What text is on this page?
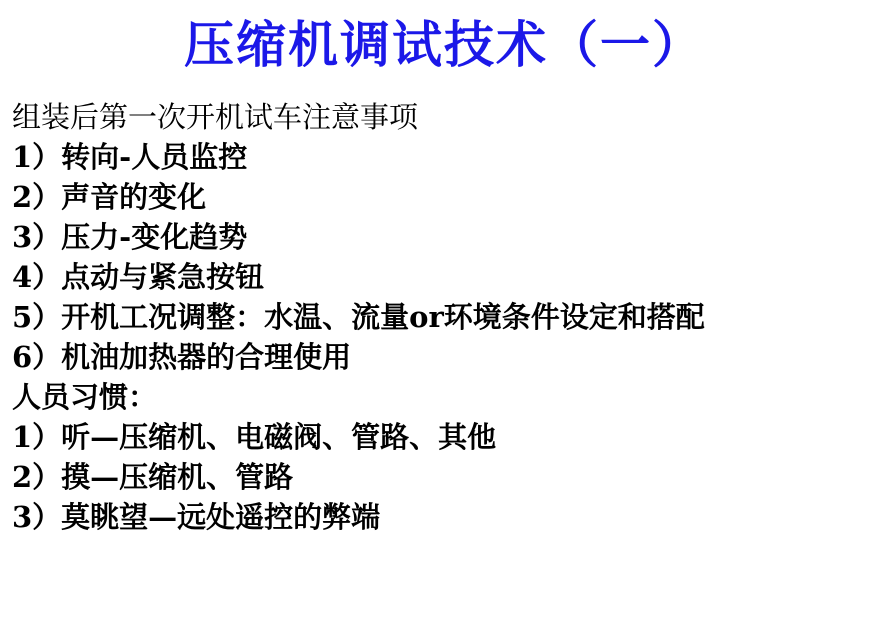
压缩机调试技术（一）
组装后第一次开机试车注意事项
1）转向-人员监控
2）声音的变化
3）压力-变化趋势
4）点动与紧急按钮
5）开机工况调整：水温、流量or环境条件设定和搭配
6）机油加热器的合理使用
人员习惯：
1）听—压缩机、电磁阀、管路、其他
2）摸—压缩机、管路
3）莫眺望—远处遥控的弊端
